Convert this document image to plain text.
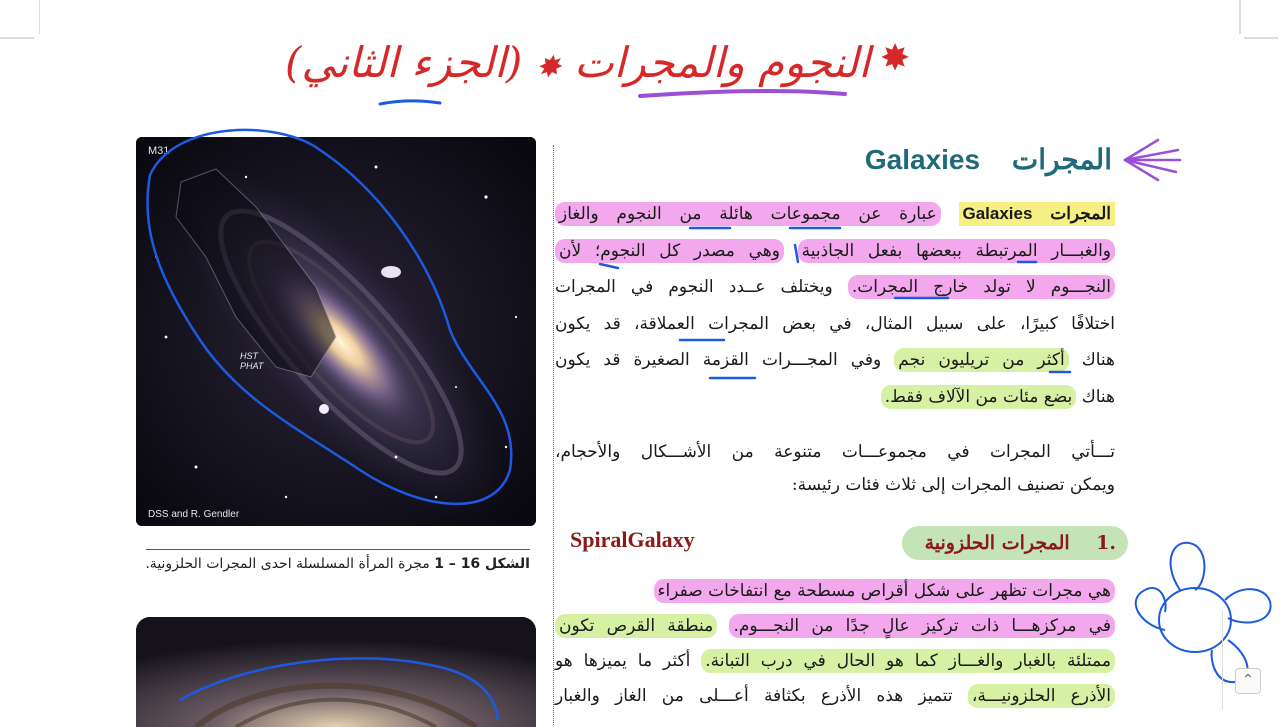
✸
النجوم والمجرات ✸ (الجزء الثاني)
M31
HST
PHAT
DSS and R. Gendler
الشكل 16 – 1 مجرة المرأة المسلسلة احدى المجرات الحلزونية.
Galaxies المجرات
المجرات Galaxies عبارة عن مجموعات هائلة من النجوم والغاز
والغبـــار المرتبطة ببعضها بفعل الجاذبية وهي مصدر كل النجوم؛ لأن
النجـــوم لا تولد خارج المجرات. ويختلف عــدد النجوم في المجرات
اختلافًا كبيرًا، على سبيل المثال، في بعض المجرات العملاقة، قد يكون
هناك أكثر من تريليون نجم وفي المجـــرات القزمة الصغيرة قد يكون
هناك بضع مئات من الآلاف فقط.
تـــأتي المجرات في مجموعـــات متنوعة من الأشـــكال والأحجام،
ويمكن تصنيف المجرات إلى ثلاث فئات رئيسة:
.1    المجرات الحلزونية
SpiralGalaxy
هي مجرات تظهر على شكل أقراص مسطحة مع انتفاخات صفراء
في مركزهـــا ذات تركيز عالٍ جدًا من النجـــوم. منطقة القرص تكون
ممتلئة بالغبار والغـــاز كما هو الحال في درب التبانة. أكثر ما يميزها هو
الأذرع الحلزونيـــة، تتميز هذه الأذرع بكثافة أعـــلى من الغاز والغبار
⌃
